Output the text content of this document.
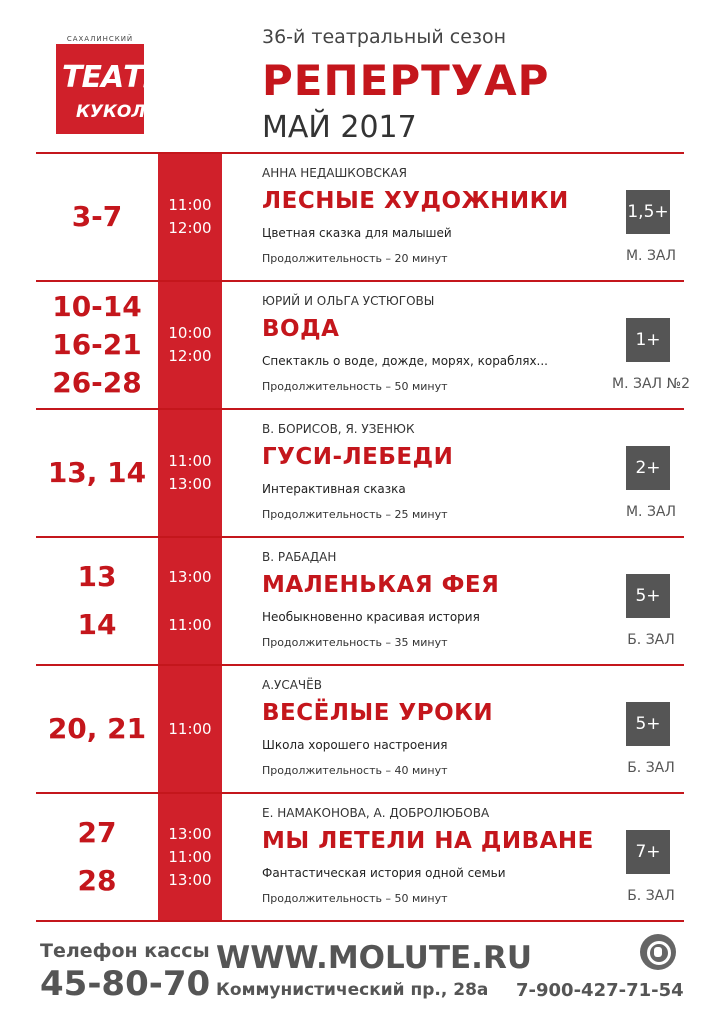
САХАЛИНСКИЙ
ТЕАТР
КУКОЛ
36-й театральный сезон
РЕПЕРТУАР
МАЙ 2017
3-7	11:00
12:00
АННА НЕДАШКОВСКАЯ
ЛЕСНЫЕ ХУДОЖНИКИ
Цветная сказка для малышей
Продолжительность – 20 минут
1,5+
М. ЗАЛ
10-14
16-21
26-28
10:00
12:00
ЮРИЙ И ОЛЬГА УСТЮГОВЫ
ВОДА
Спектакль о воде, дожде, морях, кораблях...
Продолжительность – 50 минут
1+
М. ЗАЛ №2
13, 14 11:00
13:00
В. БОРИСОВ, Я. УЗЕНЮК
ГУСИ-ЛЕБЕДИ
Интерактивная сказка
Продолжительность – 25 минут
2+
М. ЗАЛ
13
14
13:00
11:00
В. РАБАДАН
МАЛЕНЬКАЯ ФЕЯ
Необыкновенно красивая история
Продолжительность – 35 минут
5+
Б. ЗАЛ
20, 21 11:00
А.УСАЧЁВ
ВЕСЁЛЫЕ УРОКИ
Школа хорошего настроения
Продолжительность – 40 минут
5+
Б. ЗАЛ
27
28
13:00
11:00
13:00
Е. НАМАКОНОВА, А. ДОБРОЛЮБОВА
МЫ ЛЕТЕЛИ НА ДИВАНЕ
Фантастическая история одной семьи
Продолжительность – 50 минут
7+
Б. ЗАЛ
Телефон кассы
45-80-70
WWW.MOLUTE.RU
Коммунистический пр., 28а 7-900-427-71-54
